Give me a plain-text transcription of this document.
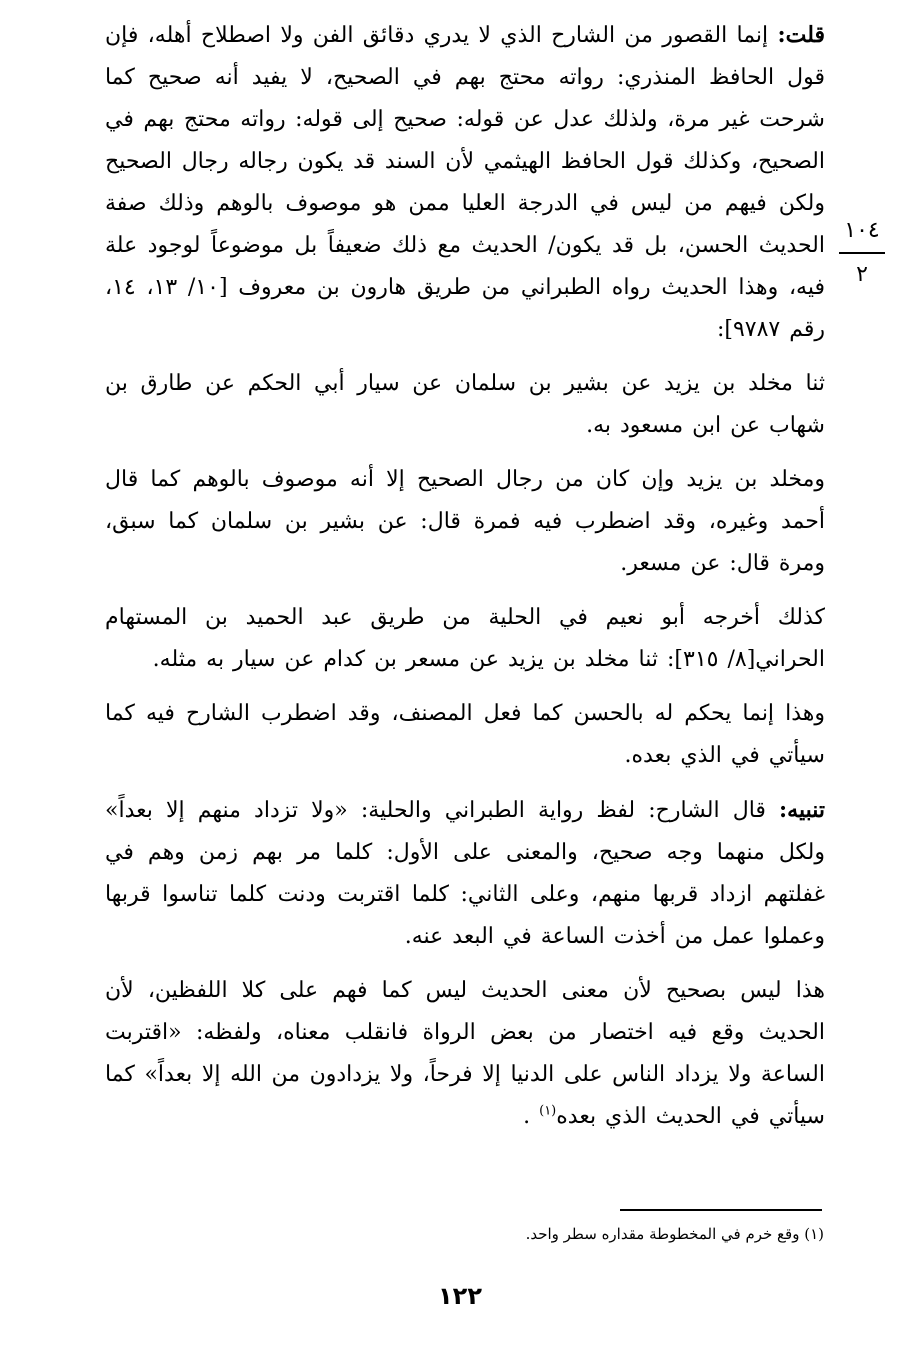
١٠٤
٢

قلت: إنما القصور من الشارح الذي لا يدري دقائق الفن ولا اصطلاح أهله، فإن قول الحافظ المنذري: رواته محتج بهم في الصحيح، لا يفيد أنه صحيح كما شرحت غير مرة، ولذلك عدل عن قوله: صحيح إلى قوله: رواته محتج بهم في الصحيح، وكذلك قول الحافظ الهيثمي لأن السند قد يكون رجاله رجال الصحيح ولكن فيهم من ليس في الدرجة العليا ممن هو موصوف بالوهم وذلك صفة الحديث الحسن، بل قد يكون/ الحديث مع ذلك ضعيفاً بل موضوعاً لوجود علة فيه، وهذا الحديث رواه الطبراني من طريق هارون بن معروف [١٠/ ١٣، ١٤، رقم ٩٧٨٧]:

ثنا مخلد بن يزيد عن بشير بن سلمان عن سيار أبي الحكم عن طارق بن شهاب عن ابن مسعود به.

ومخلد بن يزيد وإن كان من رجال الصحيح إلا أنه موصوف بالوهم كما قال أحمد وغيره، وقد اضطرب فيه فمرة قال: عن بشير بن سلمان كما سبق، ومرة قال: عن مسعر.

كذلك أخرجه أبو نعيم في الحلية من طريق عبد الحميد بن المستهام الحراني[٨/ ٣١٥]: ثنا مخلد بن يزيد عن مسعر بن كدام عن سيار به مثله.

وهذا إنما يحكم له بالحسن كما فعل المصنف، وقد اضطرب الشارح فيه كما سيأتي في الذي بعده.

تنبيه: قال الشارح: لفظ رواية الطبراني والحلية: «ولا تزداد منهم إلا بعداً» ولكل منهما وجه صحيح، والمعنى على الأول: كلما مر بهم زمن وهم في غفلتهم ازداد قربها منهم، وعلى الثاني: كلما اقتربت ودنت كلما تناسوا قربها وعملوا عمل من أخذت الساعة في البعد عنه.

هذا ليس بصحيح لأن معنى الحديث ليس كما فهم على كلا اللفظين، لأن الحديث وقع فيه اختصار من بعض الرواة فانقلب معناه، ولفظه: «اقتربت الساعة ولا يزداد الناس على الدنيا إلا فرحاً، ولا يزدادون من الله إلا بعداً» كما سيأتي في الحديث الذي بعده$^{(١)}$ .

(١) وقع خرم في المخطوطة مقداره سطر واحد.
١٢٢
